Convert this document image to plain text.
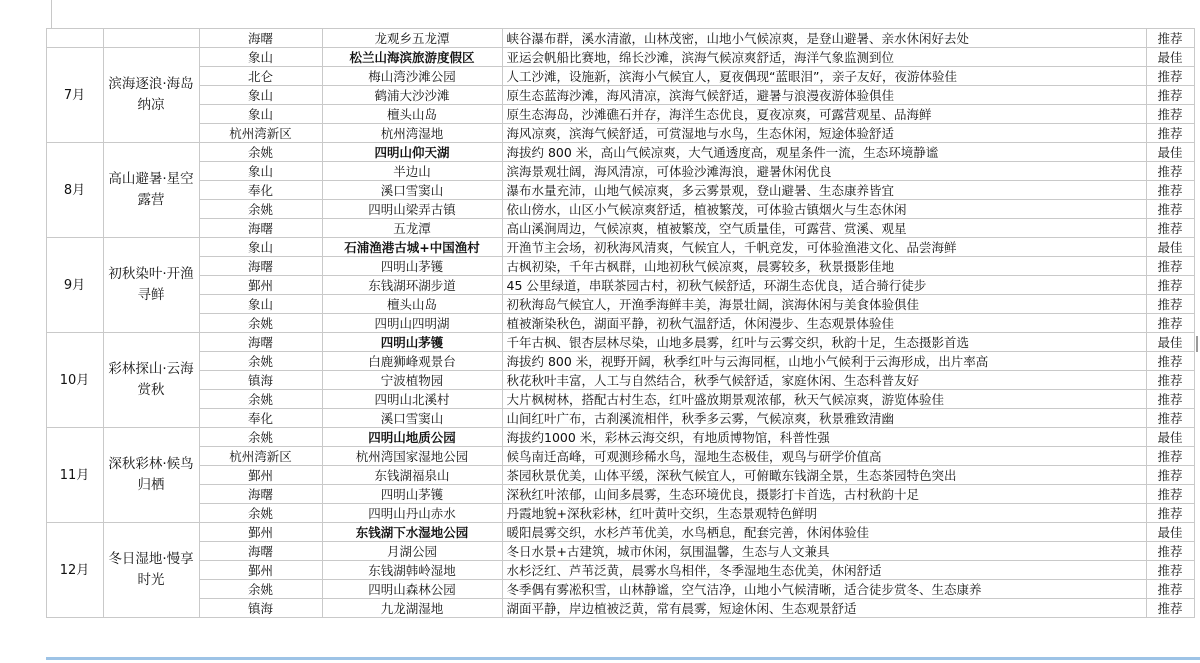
			海曙	龙观乡五龙潭	峡谷瀑布群，溪水清澈，山林茂密，山地小气候凉爽，是登山避暑、亲水休闲好去处	推荐	
	7月	滨海逐浪·海岛纳凉	象山	松兰山海滨旅游度假区	亚运会帆船比赛地，绵长沙滩，滨海气候凉爽舒适，海洋气象监测到位	最佳	
			北仑	梅山湾沙滩公园	人工沙滩，设施新，滨海小气候宜人，夏夜偶现“蓝眼泪”，亲子友好，夜游体验佳	推荐	
			象山	鹤浦大沙沙滩	原生态蓝海沙滩，海风清凉，滨海气候舒适，避暑与浪漫夜游体验俱佳	推荐	
			象山	檀头山岛	原生态海岛，沙滩礁石并存，海洋生态优良，夏夜凉爽，可露营观星、品海鲜	推荐	
			杭州湾新区	杭州湾湿地	海风凉爽，滨海气候舒适，可赏湿地与水鸟，生态休闲，短途体验舒适	推荐	
	8月	高山避暑·星空露营	余姚	四明山仰天湖	海拔约 800 米，高山气候凉爽，大气通透度高，观星条件一流，生态环境静谧	最佳	
			象山	半边山	滨海景观壮阔，海风清凉，可体验沙滩海浪，避暑休闲优良	推荐	
			奉化	溪口雪窦山	瀑布水量充沛，山地气候凉爽，多云雾景观，登山避暑、生态康养皆宜	推荐	
			余姚	四明山梁弄古镇	依山傍水，山区小气候凉爽舒适，植被繁茂，可体验古镇烟火与生态休闲	推荐	
			海曙	五龙潭	高山溪涧周边，气候凉爽，植被繁茂，空气质量佳，可露营、赏溪、观星	推荐	
	9月	初秋染叶·开渔寻鲜	象山	石浦渔港古城+中国渔村	开渔节主会场，初秋海风清爽，气候宜人，千帆竞发，可体验渔港文化、品尝海鲜	最佳	
			海曙	四明山茅镬	古枫初染，千年古枫群，山地初秋气候凉爽，晨雾较多，秋景摄影佳地	推荐	
			鄞州	东钱湖环湖步道	45 公里绿道，串联茶园古村，初秋气候舒适，环湖生态优良，适合骑行徒步	推荐	
			象山	檀头山岛	初秋海岛气候宜人，开渔季海鲜丰美，海景壮阔，滨海休闲与美食体验俱佳	推荐	
			余姚	四明山四明湖	植被渐染秋色，湖面平静，初秋气温舒适，休闲漫步、生态观景体验佳	推荐	
	10月	彩林探山·云海赏秋	海曙	四明山茅镬	千年古枫、银杏层林尽染，山地多晨雾，红叶与云雾交织，秋韵十足，生态摄影首选	最佳	
			余姚	白鹿狮峰观景台	海拔约 800 米，视野开阔，秋季红叶与云海同框，山地小气候利于云海形成，出片率高	推荐	
			镇海	宁波植物园	秋花秋叶丰富，人工与自然结合，秋季气候舒适，家庭休闲、生态科普友好	推荐	
			余姚	四明山北溪村	大片枫树林，搭配古村生态，红叶盛放期景观浓郁，秋天气候凉爽，游览体验佳	推荐	
			奉化	溪口雪窦山	山间红叶广布，古刹溪流相伴，秋季多云雾，气候凉爽，秋景雅致清幽	推荐	
	11月	深秋彩林·候鸟归栖	余姚	四明山地质公园	海拔约1000 米，彩林云海交织，有地质博物馆，科普性强	最佳	
			杭州湾新区	杭州湾国家湿地公园	候鸟南迁高峰，可观测珍稀水鸟，湿地生态极佳，观鸟与研学价值高	推荐	
			鄞州	东钱湖福泉山	茶园秋景优美，山体平缓，深秋气候宜人，可俯瞰东钱湖全景，生态茶园特色突出	推荐	
			海曙	四明山茅镬	深秋红叶浓郁，山间多晨雾，生态环境优良，摄影打卡首选，古村秋韵十足	推荐	
			余姚	四明山丹山赤水	丹霞地貌+深秋彩林，红叶黄叶交织，生态景观特色鲜明	推荐	
	12月	冬日湿地·慢享时光	鄞州	东钱湖下水湿地公园	暖阳晨雾交织，水杉芦苇优美，水鸟栖息，配套完善，休闲体验佳	最佳	
			海曙	月湖公园	冬日水景+古建筑，城市休闲，氛围温馨，生态与人文兼具	推荐	
			鄞州	东钱湖韩岭湿地	水杉泛红、芦苇泛黄，晨雾水鸟相伴，冬季湿地生态优美，休闲舒适	推荐	
			余姚	四明山森林公园	冬季偶有雾凇积雪，山林静谧，空气洁净，山地小气候清晰，适合徒步赏冬、生态康养	推荐	
			镇海	九龙湖湿地	湖面平静，岸边植被泛黄，常有晨雾，短途休闲、生态观景舒适	推荐	
